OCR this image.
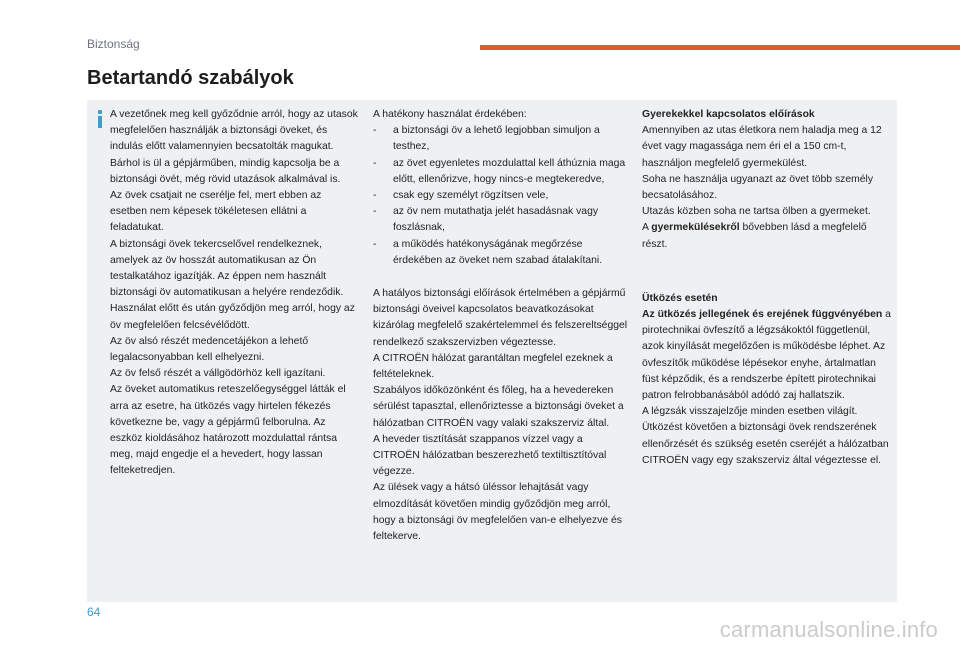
Biztonság
Betartandó szabályok

A vezetőnek meg kell győződnie arról, hogy az utasok megfelelően használják a biztonsági öveket, és indulás előtt valamennyien becsatolták magukat.

Bárhol is ül a gépjárműben, mindig kapcsolja be a biztonsági övét, még rövid utazások alkalmával is.

Az övek csatjait ne cserélje fel, mert ebben az esetben nem képesek tökéletesen ellátni a feladatukat.

A biztonsági övek tekercselővel rendelkeznek, amelyek az öv hosszát automatikusan az Ön testalkatához igazítják. Az éppen nem használt biztonsági öv automatikusan a helyére rendeződik.

Használat előtt és után győződjön meg arról, hogy az öv megfelelően felcsévélődött.

Az öv alsó részét medencetájékon a lehető legalacsonyabban kell elhelyezni.

Az öv felső részét a vállgödörhöz kell igazítani.

Az öveket automatikus reteszelőegységgel látták el arra az esetre, ha ütközés vagy hirtelen fékezés következne be, vagy a gépjármű felborulna. Az eszköz kioldásához határozott mozdulattal rántsa meg, majd engedje el a hevedert, hogy lassan felteketredjen.

A hatékony használat érdekében:

- a biztonsági öv a lehető legjobban simuljon a testhez,
- az övet egyenletes mozdulattal kell áthúznia maga előtt, ellenőrizve, hogy nincs-e megtekeredve,
- csak egy személyt rögzítsen vele,
- az öv nem mutathatja jelét hasadásnak vagy foszlásnak,
- a működés hatékonyságának megőrzése érdekében az öveket nem szabad átalakítani.

A hatályos biztonsági előírások értelmében a gépjármű biztonsági öveivel kapcsolatos beavatkozásokat kizárólag megfelelő szakértelemmel és felszereltséggel rendelkező szakszervizben végeztesse.

A CITROËN hálózat garantáltan megfelel ezeknek a feltételeknek.

Szabályos időközönként és főleg, ha a hevedereken sérülést tapasztal, ellenőriztesse a biztonsági öveket a hálózatban CITROËN vagy valaki szakszerviz által.

A heveder tisztítását szappanos vízzel vagy a CITROËN hálózatban beszerezhető textiltisztítóval végezze.

Az ülések vagy a hátsó üléssor lehajtását vagy elmozdítását követően mindig győződjön meg arról, hogy a biztonsági öv megfelelően van-e elhelyezve és feltekerve.

Gyerekekkel kapcsolatos előírások

Amennyiben az utas életkora nem haladja meg a 12 évet vagy magassága nem éri el a 150 cm-t, használjon megfelelő gyermekülést.

Soha ne használja ugyanazt az övet több személy becsatolásához.

Utazás közben soha ne tartsa ölben a gyermeket.

A gyermekülésekről bővebben lásd a megfelelő részt.

Ütközés esetén

Az ütközés jellegének és erejének függvényében a pirotechnikai övfeszítő a légzsákoktól függetlenül, azok kinyílását megelőzően is működésbe léphet. Az övfeszítők működése lépésekor enyhe, ártalmatlan füst képződik, és a rendszerbe épített pirotechnikai patron felrobbanásából adódó zaj hallatszik.

A légzsák visszajelzője minden esetben világít.

Ütközést követően a biztonsági övek rendszerének ellenőrzését és szükség esetén cseréjét a hálózatban CITROËN vagy egy szakszerviz által végeztesse el.

64
carmanualsonline.info
